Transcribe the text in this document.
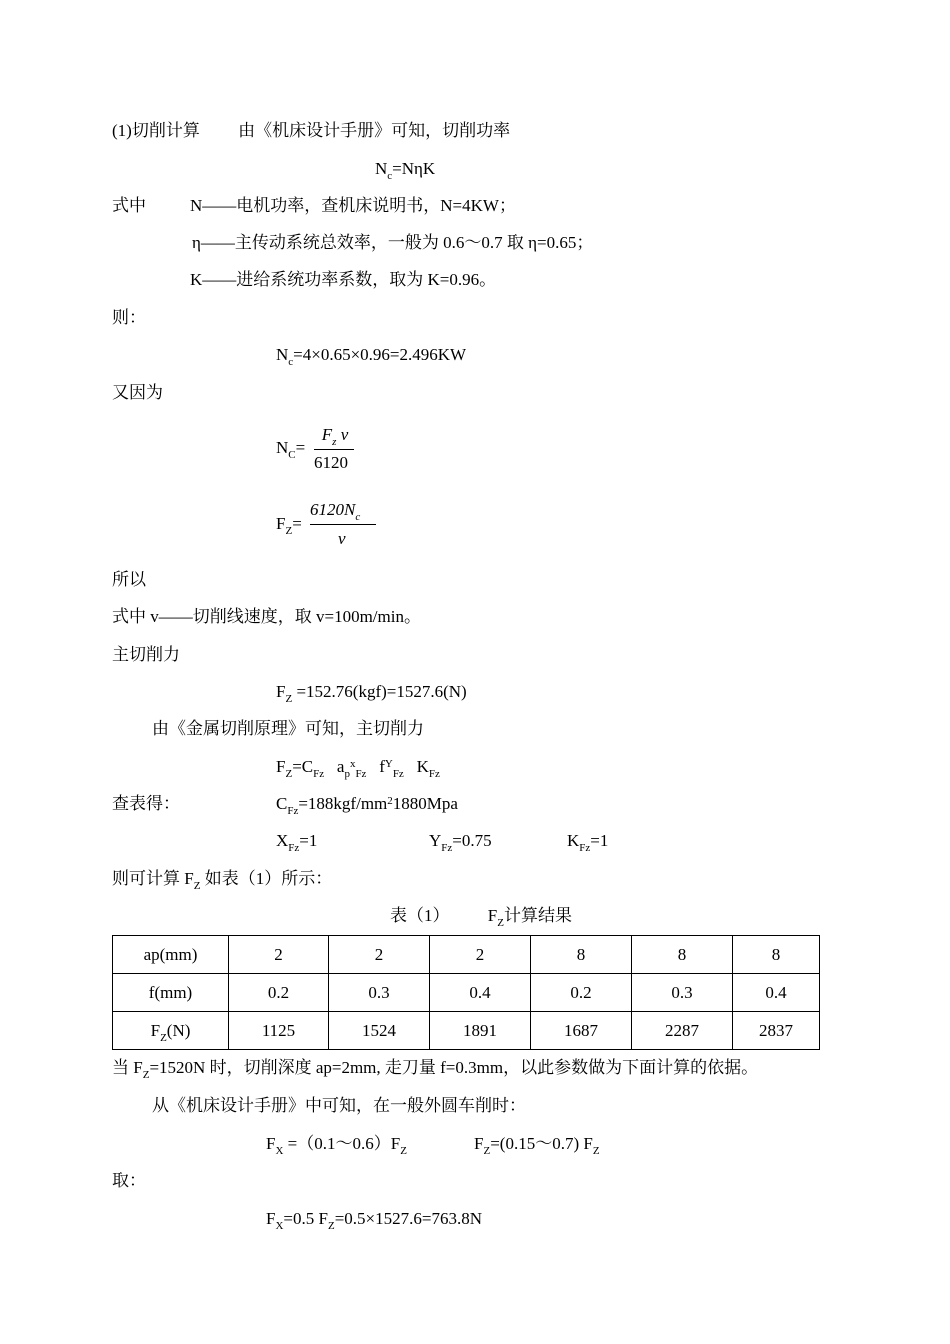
(1)切削计算 由《机床设计手册》可知，切削功率
$N_c=N\eta K$
式中	N——电机功率，查机床说明书，N=4KW；
η——主传动系统总效率，一般为 0.6～0.7 取 η=0.65；
K——进给系统功率系数，取为 K=0.96。
则：
$N_c=4\times 0.65\times 0.96=2.496KW$
又因为
$N_C=$
$F_z$ v
6120
$F_Z=$
$6120N_c$
v
所以
式中 v——切削线速度，取 v=100m/min。
主切削力
$F_Z =152.76(kgf)=1527.6(N)$
由《金属切削原理》可知，主切削力
$F_Z=C_{Fz}$ $a_p^x_{Fz}$ $f^Y_{Fz}$ $K_{Fz}$
查表得：	$C_{Fz}=188kgf/mm^21880Mpa$
$X_{Fz}=1$	$Y_{Fz}=0.75$	$K_{Fz}=1$
则可计算 $F_Z$ 如表（1）所示：
表（1） $F_Z$计算结果
ap(mm)	2	2	2	8	8	8
f(mm)	0.2	0.3	0.4	0.2	0.3	0.4
$F_Z(N)$	1125	1524	1891	1687	2287	2837
当 $F_Z=1520N$ 时，切削深度 ap=2mm, 走刀量 f=0.3mm，以此参数做为下面计算的依据。
从《机床设计手册》中可知，在一般外圆车削时：
$F_X$ $=(0.1\sim 0.6)F_Z$	$F_Z=(0.15\sim 0.7)$ $F_Z$
取：
$F_X=0.5$ $F_Z=0.5\times 1527.6=763.8N$
